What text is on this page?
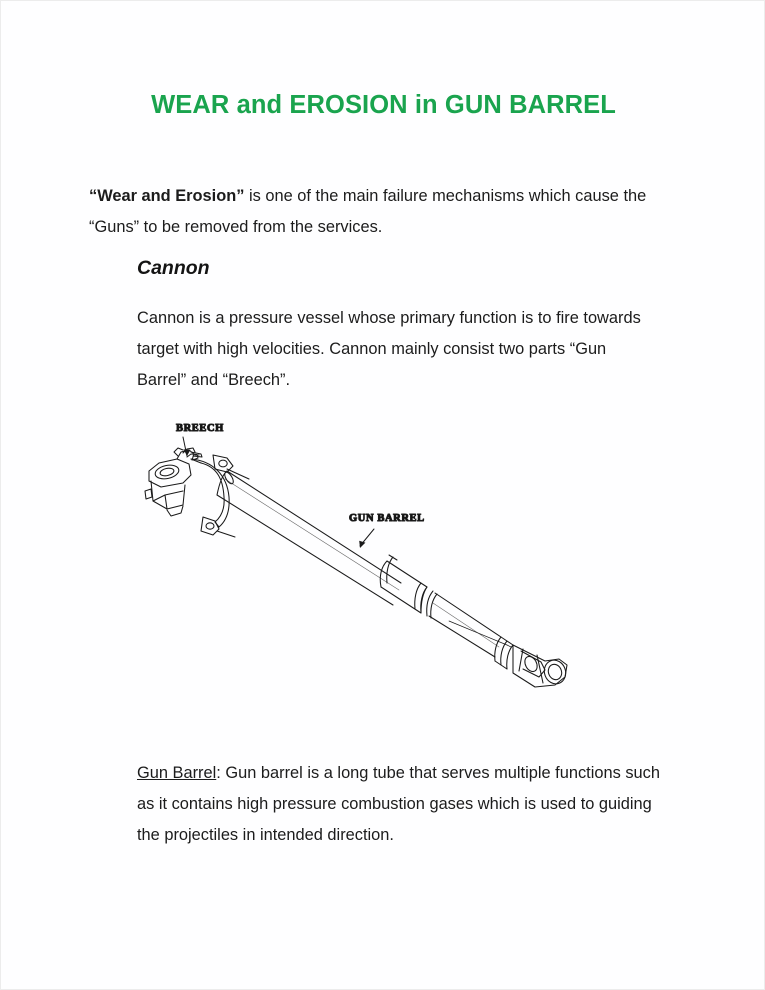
WEAR and EROSION in GUN BARREL
“Wear and Erosion” is one of the main failure mechanisms which cause the “Guns” to be removed from the services.
Cannon
Cannon is a pressure vessel whose primary function is to fire towards target with high velocities. Cannon mainly consist two parts “Gun Barrel” and “Breech”.
BREECH
GUN BARREL
Gun Barrel: Gun barrel is a long tube that serves multiple functions such as it contains high pressure combustion gases which is used to guiding the projectiles in intended direction.
